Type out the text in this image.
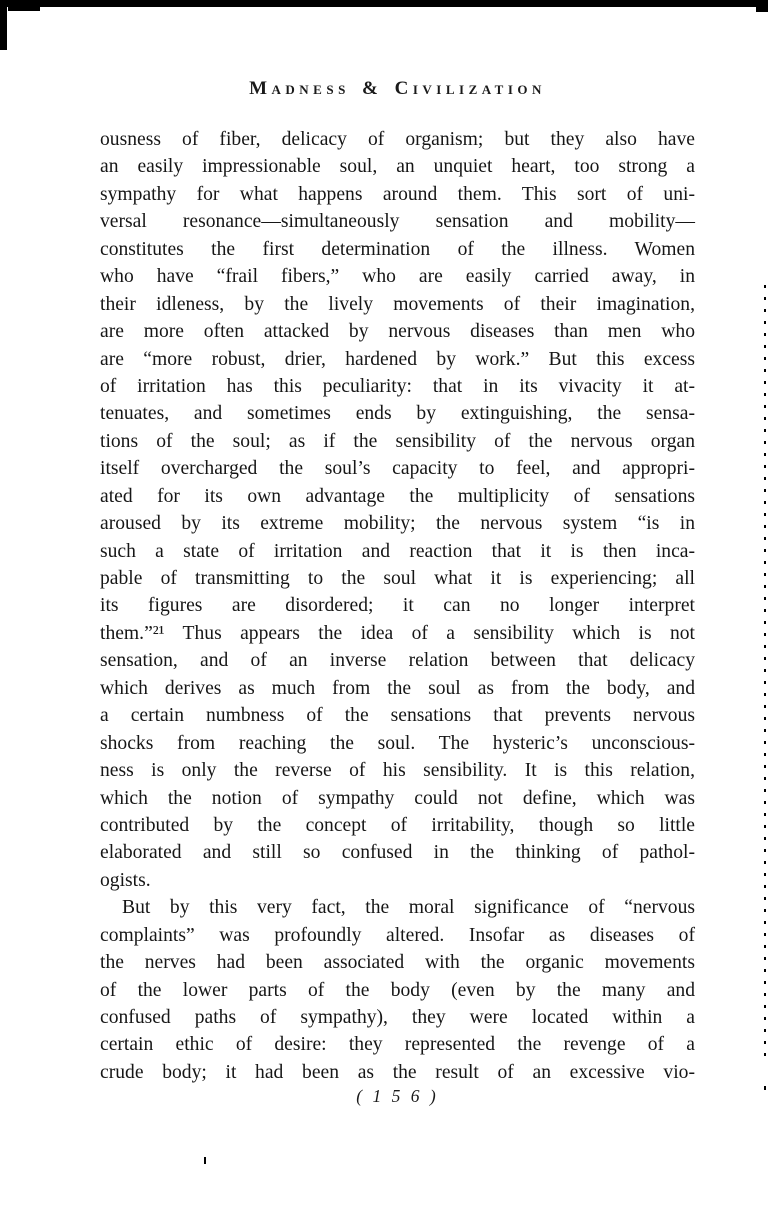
Madness & Civilization
ousness of fiber, delicacy of organism; but they also have
an easily impressionable soul, an unquiet heart, too strong a
sympathy for what happens around them. This sort of uni-
versal resonance—simultaneously sensation and mobility—
constitutes the first determination of the illness. Women
who have “frail fibers,” who are easily carried away, in
their idleness, by the lively movements of their imagination,
are more often attacked by nervous diseases than men who
are “more robust, drier, hardened by work.” But this excess
of irritation has this peculiarity: that in its vivacity it at-
tenuates, and sometimes ends by extinguishing, the sensa-
tions of the soul; as if the sensibility of the nervous organ
itself overcharged the soul’s capacity to feel, and appropri-
ated for its own advantage the multiplicity of sensations
aroused by its extreme mobility; the nervous system “is in
such a state of irritation and reaction that it is then inca-
pable of transmitting to the soul what it is experiencing; all
its figures are disordered; it can no longer interpret
them.”²¹ Thus appears the idea of a sensibility which is not
sensation, and of an inverse relation between that delicacy
which derives as much from the soul as from the body, and
a certain numbness of the sensations that prevents nervous
shocks from reaching the soul. The hysteric’s unconscious-
ness is only the reverse of his sensibility. It is this relation,
which the notion of sympathy could not define, which was
contributed by the concept of irritability, though so little
elaborated and still so confused in the thinking of pathol-
ogists.
But by this very fact, the moral significance of “nervous
complaints” was profoundly altered. Insofar as diseases of
the nerves had been associated with the organic movements
of the lower parts of the body (even by the many and
confused paths of sympathy), they were located within a
certain ethic of desire: they represented the revenge of a
crude body; it had been as the result of an excessive vio-
( 1 5 6 )
